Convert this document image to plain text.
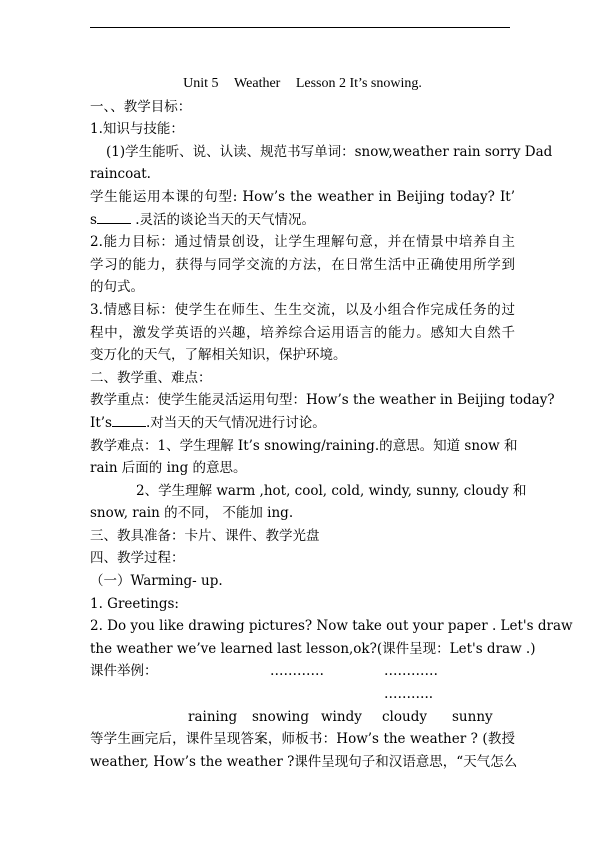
Unit 5 Weather Lesson 2 It’s snowing.
一、、教学目标：
1.知识与技能：
(1)学生能听、说、认读、规范书写单词：snow,weather rain sorry Dad
raincoat.
学生能运用本课的句型: How’s the weather in Beijing today? It’
s	.灵活的谈论当天的天气情况。
2.能力目标：通过情景创设，让学生理解句意，并在情景中培养自主
学习的能力，获得与同学交流的方法，在日常生活中正确使用所学到
的句式。
3.情感目标：使学生在师生、生生交流，以及小组合作完成任务的过
程中，激发学英语的兴趣，培养综合运用语言的能力。感知大自然千
变万化的天气，了解相关知识，保护环境。
二、教学重、难点：
教学重点：使学生能灵活运用句型：How’s the weather in Beijing today?
It’s	.对当天的天气情况进行讨论。
教学难点：1、学生理解 It’s snowing/raining.的意思。知道 snow 和
rain 后面的 ing 的意思。
2、学生理解 warm ,hot, cool, cold, windy, sunny, cloudy 和
snow, rain 的不同， 不能加 ing.
三、教具准备：卡片、课件、教学光盘
四、教学过程：
（一）Warming- up.
1. Greetings:
2. Do you like drawing pictures? Now take out your paper . Let's draw
the weather we’ve learned last lesson,ok?(课件呈现：Let's draw .)
课件举例：	…………	…………
………..
raining snowing windy cloudy sunny
等学生画完后，课件呈现答案，师板书：How’s the weather ? (教授
weather, How’s the weather ?课件呈现句子和汉语意思，“天气怎么
